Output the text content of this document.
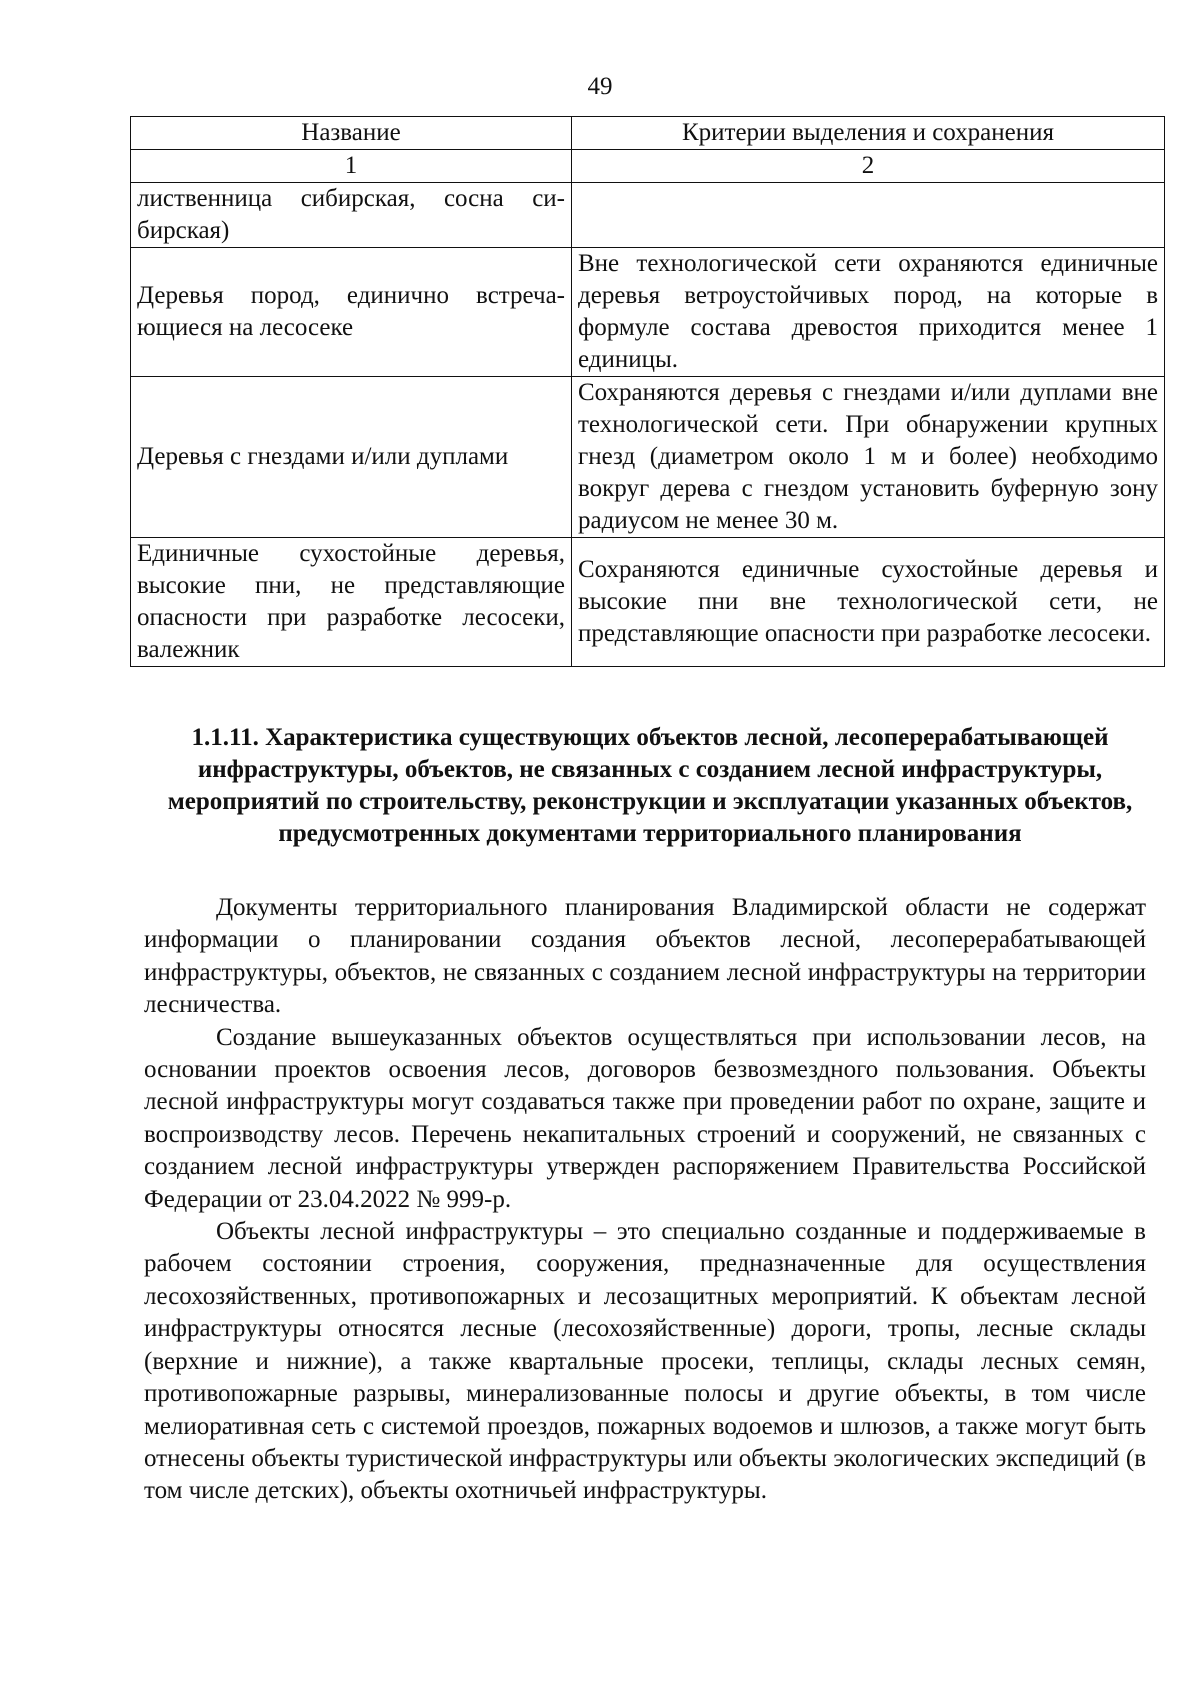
49
Название	Критерии выделения и сохранения
1	2
лиственница сибирская, сосна сибирская)	
Деревья пород, единично встречающиеся на лесосеке	Вне технологической сети охраняются единичные деревья ветроустойчивых пород, на которые в формуле состава древостоя приходится менее 1 единицы.
Деревья с гнездами и/или дуплами	Сохраняются деревья с гнездами и/или дуплами вне технологической сети. При обнаружении крупных гнезд (диаметром около 1 м и более) необходимо вокруг дерева с гнездом установить буферную зону радиусом не менее 30 м.
Единичные сухостойные деревья, высокие пни, не представляющие опасности при разработке лесосеки, валежник	Сохраняются единичные сухостойные деревья и высокие пни вне технологической сети, не представляющие опасности при разработке лесосеки.
1.1.11. Характеристика существующих объектов лесной, лесоперерабатывающей инфраструктуры, объектов, не связанных с созданием лесной инфраструктуры, мероприятий по строительству, реконструкции и эксплуатации указанных объектов, предусмотренных документами территориального планирования

Документы территориального планирования Владимирской области не содержат информации о планировании создания объектов лесной, лесоперерабатывающей инфраструктуры, объектов, не связанных с созданием лесной инфраструктуры на территории лесничества.

Создание вышеуказанных объектов осуществляться при использовании лесов, на основании проектов освоения лесов, договоров безвозмездного пользования. Объекты лесной инфраструктуры могут создаваться также при проведении работ по охране, защите и воспроизводству лесов. Перечень некапитальных строений и сооружений, не связанных с созданием лесной инфраструктуры утвержден распоряжением Правительства Российской Федерации от 23.04.2022 № 999-р.

Объекты лесной инфраструктуры – это специально созданные и поддерживаемые в рабочем состоянии строения, сооружения, предназначенные для осуществления лесохозяйственных, противопожарных и лесозащитных мероприятий. К объектам лесной инфраструктуры относятся лесные (лесохозяйственные) дороги, тропы, лесные склады (верхние и нижние), а также квартальные просеки, теплицы, склады лесных семян, противопожарные разрывы, минерализованные полосы и другие объекты, в том числе мелиоративная сеть с системой проездов, пожарных водоемов и шлюзов, а также могут быть отнесены объекты туристической инфраструктуры или объекты экологических экспедиций (в том числе детских), объекты охотничьей инфраструктуры.
